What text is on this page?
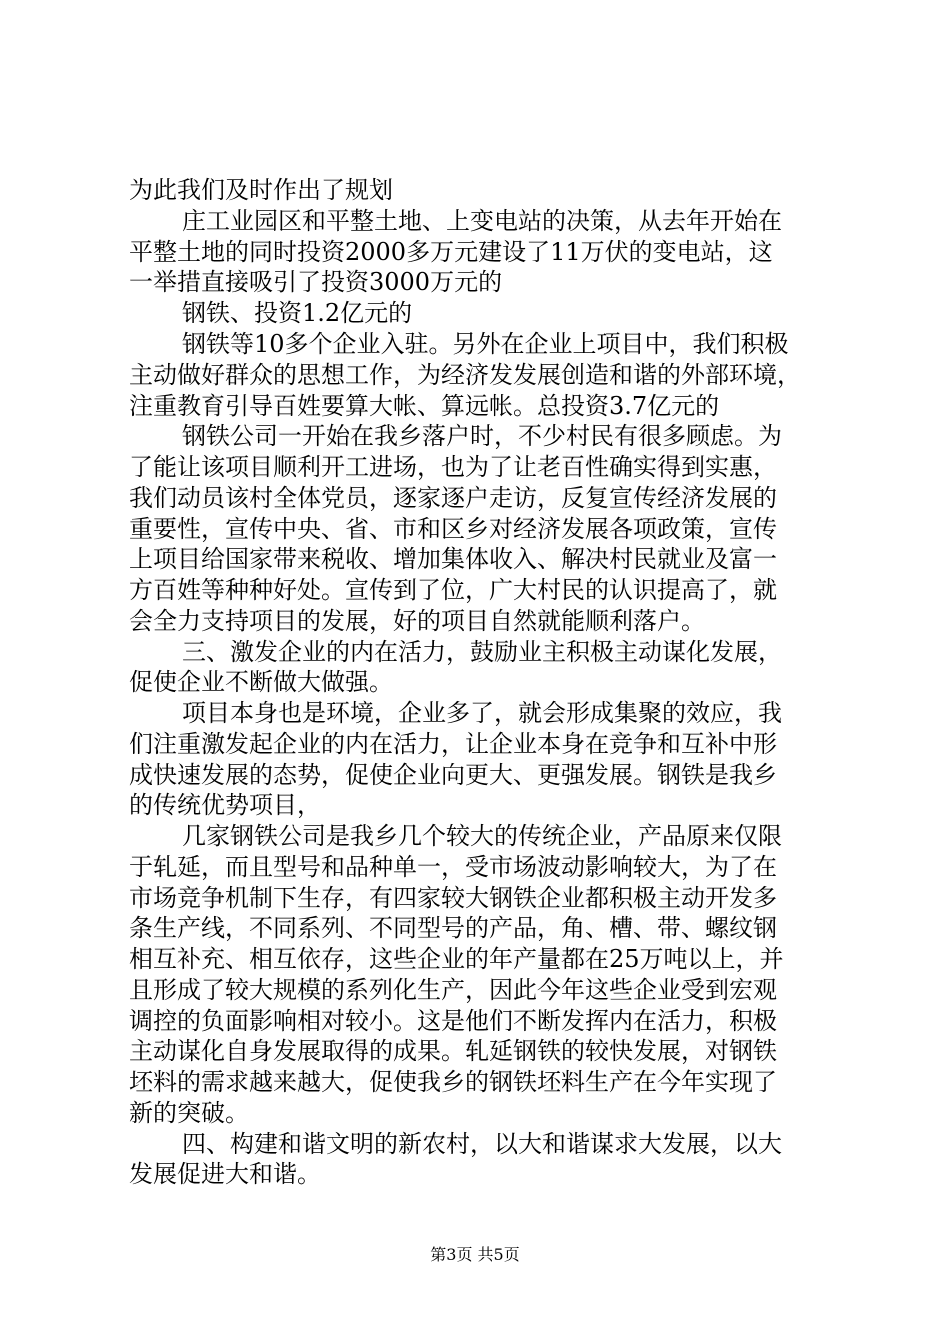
为此我们及时作出了规划
庄工业园区和平整土地、上变电站的决策，从去年开始在
平整土地的同时投资2000多万元建设了11万伏的变电站，这
一举措直接吸引了投资3000万元的
钢铁、投资1.2亿元的
钢铁等10多个企业入驻。另外在企业上项目中，我们积极
主动做好群众的思想工作，为经济发发展创造和谐的外部环境，
注重教育引导百姓要算大帐、算远帐。总投资3.7亿元的
钢铁公司一开始在我乡落户时，不少村民有很多顾虑。为
了能让该项目顺利开工进场，也为了让老百性确实得到实惠，
我们动员该村全体党员，逐家逐户走访，反复宣传经济发展的
重要性，宣传中央、省、市和区乡对经济发展各项政策，宣传
上项目给国家带来税收、增加集体收入、解决村民就业及富一
方百姓等种种好处。宣传到了位，广大村民的认识提高了，就
会全力支持项目的发展，好的项目自然就能顺利落户。
三、激发企业的内在活力，鼓励业主积极主动谋化发展，
促使企业不断做大做强。
项目本身也是环境，企业多了，就会形成集聚的效应，我
们注重激发起企业的内在活力，让企业本身在竞争和互补中形
成快速发展的态势，促使企业向更大、更强发展。钢铁是我乡
的传统优势项目，
几家钢铁公司是我乡几个较大的传统企业，产品原来仅限
于轧延，而且型号和品种单一，受市场波动影响较大，为了在
市场竞争机制下生存，有四家较大钢铁企业都积极主动开发多
条生产线，不同系列、不同型号的产品，角、槽、带、螺纹钢
相互补充、相互依存，这些企业的年产量都在25万吨以上，并
且形成了较大规模的系列化生产，因此今年这些企业受到宏观
调控的负面影响相对较小。这是他们不断发挥内在活力，积极
主动谋化自身发展取得的成果。轧延钢铁的较快发展，对钢铁
坯料的需求越来越大，促使我乡的钢铁坯料生产在今年实现了
新的突破。
四、构建和谐文明的新农村，以大和谐谋求大发展，以大
发展促进大和谐。
第3页 共5页
